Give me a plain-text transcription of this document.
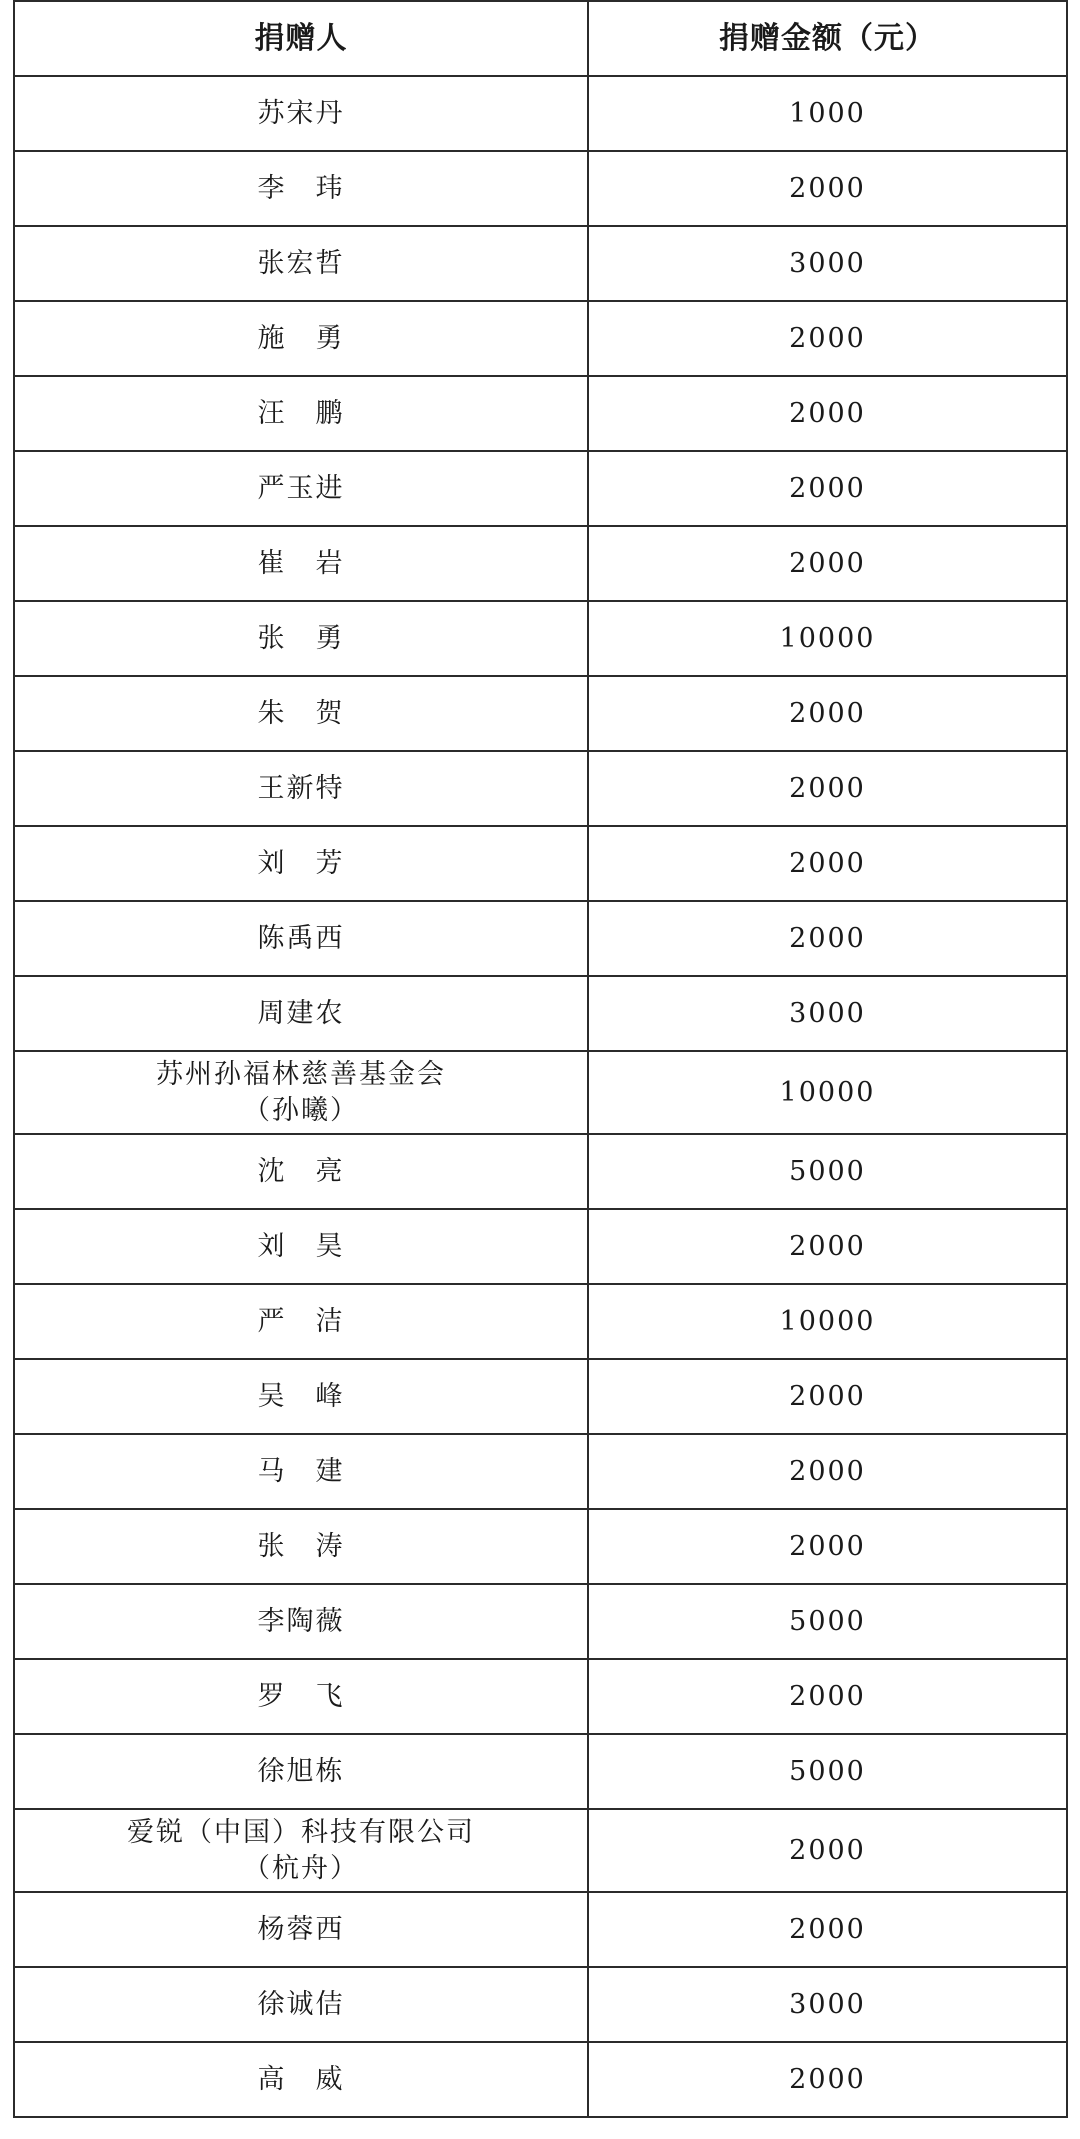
捐赠人	捐赠金额（元）
苏宋丹	1000
李　玮	2000
张宏哲	3000
施　勇	2000
汪　鹏	2000
严玉进	2000
崔　岩	2000
张　勇	10000
朱　贺	2000
王新特	2000
刘　芳	2000
陈禹西	2000
周建农	3000
苏州孙福林慈善基金会
（孙曦）	10000
沈　亮	5000
刘　昊	2000
严　洁	10000
吴　峰	2000
马　建	2000
张　涛	2000
李陶薇	5000
罗　飞	2000
徐旭栋	5000
爱锐（中国）科技有限公司
（杭舟）	2000
杨蓉西	2000
徐诚佶	3000
高　威	2000
